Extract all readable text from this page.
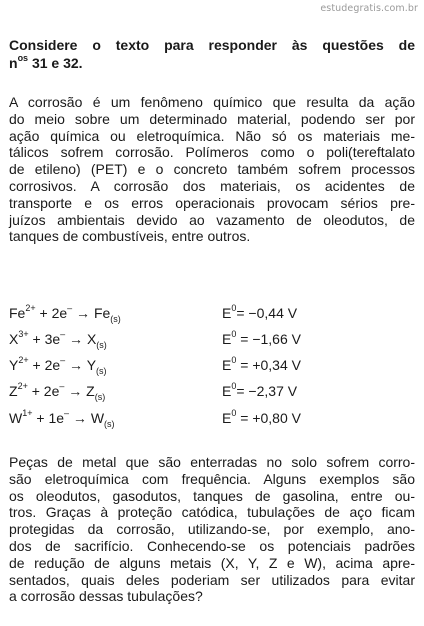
estudegratis.com.br
Considere o texto para responder às questões de
$n^{os}$ 31 e 32.
A corrosão é um fenômeno químico que resulta da ação
do meio sobre um determinado material, podendo ser por
ação química ou eletroquímica. Não só os materiais me-
tálicos sofrem corrosão. Polímeros como o poli(tereftalato
de etileno) (PET) e o concreto também sofrem processos
corrosivos. A corrosão dos materiais, os acidentes de
transporte e os erros operacionais provocam sérios pre-
juízos ambientais devido ao vazamento de oleodutos, de
tanques de combustíveis, entre outros.
$Fe^{2+} + 2e^- \to Fe_{(s)}$	$E^0= -0,44$ V
$X^{3+} + 3e^- \to X_{(s)}$	$E^0 = -1,66$ V
$Y^{2+} + 2e^- \to Y_{(s)}$	$E^0 = +0,34$ V
$Z^{2+} + 2e^- \to Z_{(s)}$	$E^0= -2,37$ V
$W^{1+} + 1e^- \to W_{(s)}$	$E^0 = +0,80$ V
Peças de metal que são enterradas no solo sofrem corro-
são eletroquímica com frequência. Alguns exemplos são
os oleodutos, gasodutos, tanques de gasolina, entre ou-
tros. Graças à proteção catódica, tubulações de aço ficam
protegidas da corrosão, utilizando-se, por exemplo, ano-
dos de sacrifício. Conhecendo-se os potenciais padrões
de redução de alguns metais (X, Y, Z e W), acima apre-
sentados, quais deles poderiam ser utilizados para evitar
a corrosão dessas tubulações?
